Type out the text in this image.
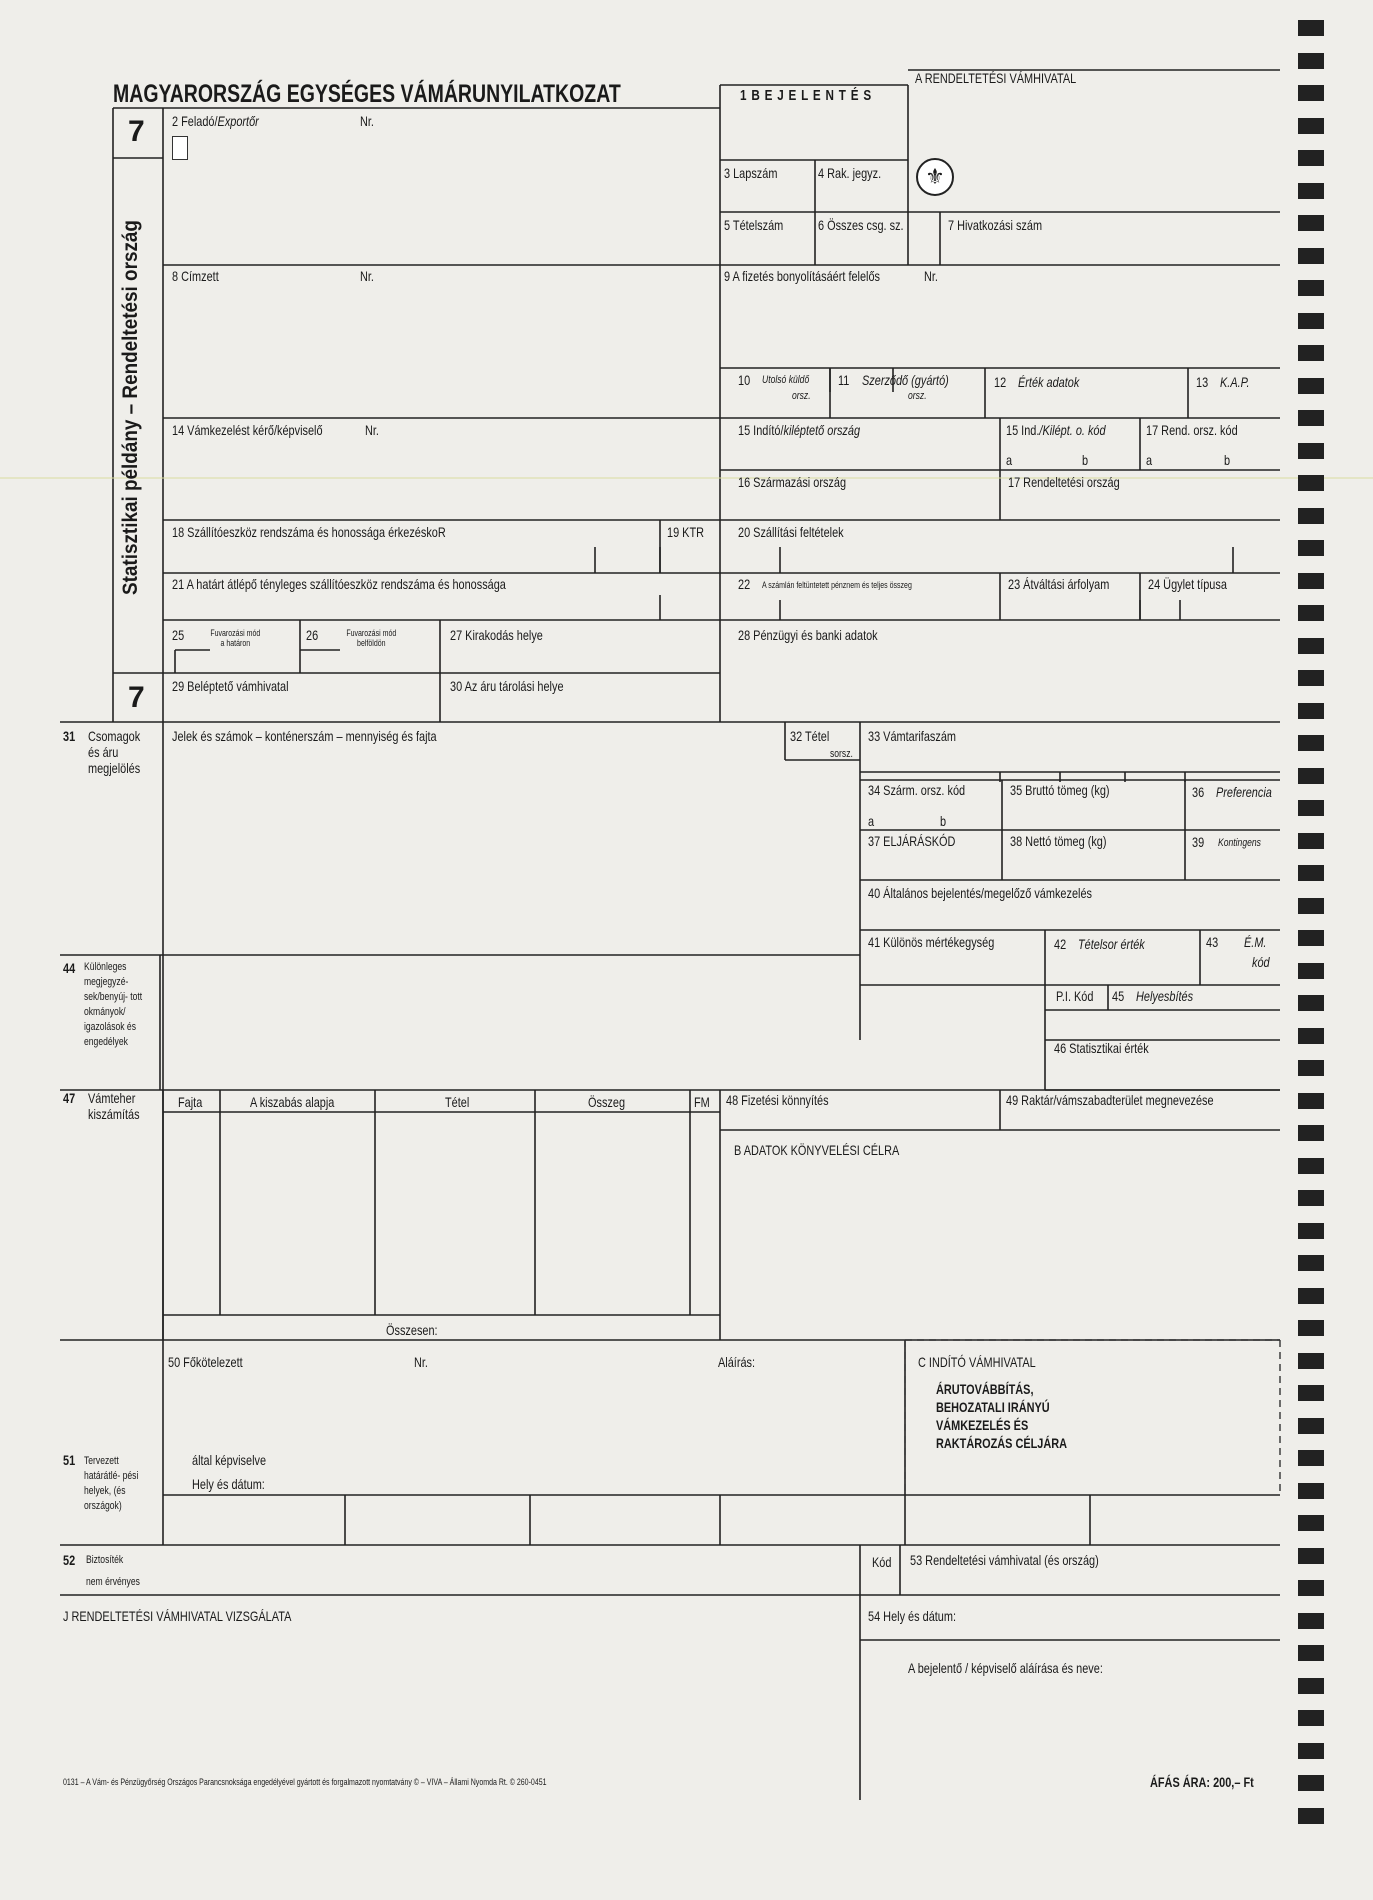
MAGYARORSZÁG EGYSÉGES VÁMÁRUNYILATKOZAT
Statisztikai példány – Rendeltetési ország
7
7
A RENDELTETÉSI VÁMHIVATAL
1 B E J E L E N T É S
2 Feladó/Exportőr	Nr.
3 Lapszám	4 Rak. jegyz.	⚜
5 Tételszám 6 Összes csg. sz.	7 Hivatkozási szám
8 Címzett	Nr.	9 A fizetés bonyolításáért felelős	Nr.
10 Utolsó küldő
orsz.
11 Szerződő (gyártó)
orsz.
12 Érték adatok	13 K.A.P.
14 Vámkezelést kérő/képviselő	Nr.	15 Indító/kiléptető ország	15 Ind./Kilépt. o. kód	17 Rend. orsz. kód
a	b	a	b
16 Származási ország	17 Rendeltetési ország
18 Szállítóeszköz rendszáma és honossága érkezéskoR	19 KTR 20 Szállítási feltételek
21 A határt átlépő tényleges szállítóeszköz rendszáma és honossága	22 A számlán feltüntetett pénznem és teljes összeg	23 Átváltási árfolyam	24 Ügylet típusa
25	Fuvarozási mód a határon	26	Fuvarozási mód belföldön	27 Kirakodás helye	28 Pénzügyi és banki adatok
29 Beléptető vámhivatal	30 Az áru tárolási helye
31 Csomagok és áru megjelölés
Jelek és számok – konténerszám – mennyiség és fajta	32 Tétel
sorsz.
33 Vámtarifaszám
34 Szárm. orsz. kód
a	b
35 Bruttó tömeg (kg)	36 Preferencia
37 ELJÁRÁSKÓD	38 Nettó tömeg (kg)	39 Kontingens
40 Általános bejelentés/megelőző vámkezelés
41 Különös mértékegység	42 Tételsor érték	43 É.M.
kód
44 Különleges megjegyzé- sek/benyúj- tott okmányok/ igazolások és engedélyek
P.I. Kód 45 Helyesbítés
46 Statisztikai érték
47 Vámteher kiszámítás
Fajta	A kiszabás alapja	Tétel	Összeg	FM
Összesen:
48 Fizetési könnyítés	49 Raktár/vámszabadterület megnevezése
B ADATOK KÖNYVELÉSI CÉLRA
50 Főkötelezett	Nr.	Aláírás:	C INDÍTÓ VÁMHIVATAL
ÁRUTOVÁBBÍTÁS, BEHOZATALI IRÁNYÚ VÁMKEZELÉS ÉS RAKTÁROZÁS CÉLJÁRA
által képviselve
Hely és dátum:
51 Tervezett határátlé- pési helyek, (és országok)
52 Biztosíték
nem érvényes
Kód 53 Rendeltetési vámhivatal (és ország)
J RENDELTETÉSI VÁMHIVATAL VIZSGÁLATA	54 Hely és dátum:
A bejelentő / képviselő aláírása és neve:
0131 – A Vám- és Pénzügyőrség Országos Parancsnoksága engedélyével gyártott és forgalmazott nyomtatvány © – VIVA – Állami Nyomda Rt. © 260-0451	ÁFÁS ÁRA: 200,– Ft
